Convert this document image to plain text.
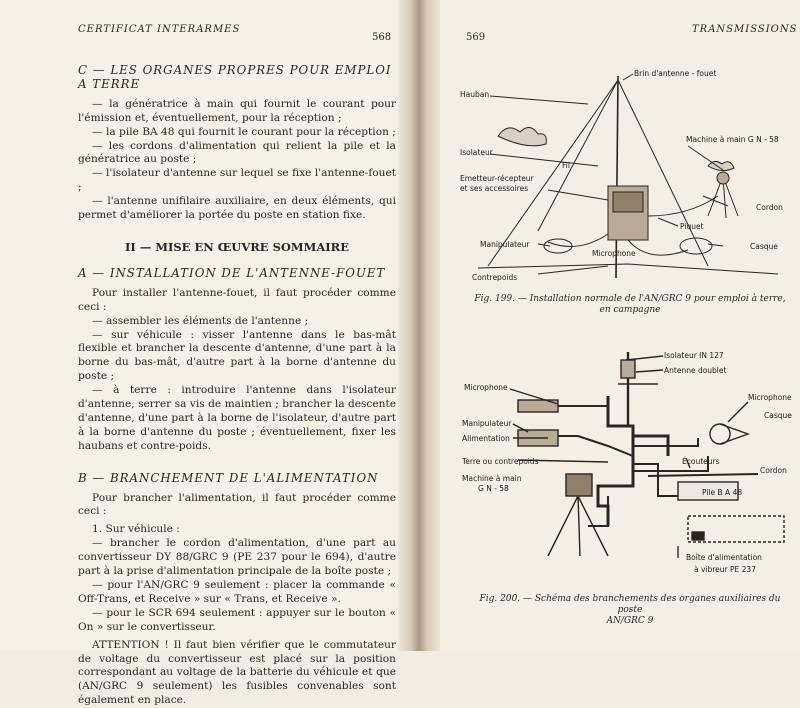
CERTIFICAT INTERARMES
568
C — LES ORGANES PROPRES POUR EMPLOI A TERRE

— la génératrice à main qui fournit le courant pour l'émission et, éventuellement, pour la réception ;

— la pile BA 48 qui fournit le courant pour la réception ;

— les cordons d'alimentation qui relient la pile et la génératrice au poste ;

— l'isolateur d'antenne sur lequel se fixe l'antenne-fouet ;

— l'antenne unifilaire auxiliaire, en deux éléments, qui permet d'améliorer la portée du poste en station fixe.

II — MISE EN ŒUVRE SOMMAIRE
A — INSTALLATION DE L'ANTENNE-FOUET

Pour installer l'antenne-fouet, il faut procéder comme ceci :

— assembler les éléments de l'antenne ;

— sur véhicule : visser l'antenne dans le bas-mât flexible et brancher la descente d'antenne, d'une part à la borne du bas-mât, d'autre part à la borne d'antenne du poste ;

— à terre : introduire l'antenne dans l'isolateur d'antenne, serrer sa vis de maintien ; brancher la descente d'antenne, d'une part à la borne de l'isolateur, d'autre part à la borne d'antenne du poste ; éventuellement, fixer les haubans et contre-poids.

B — BRANCHEMENT DE L'ALIMENTATION

Pour brancher l'alimentation, il faut procéder comme ceci :

1. Sur véhicule :

— brancher le cordon d'alimentation, d'une part au convertisseur DY 88/GRC 9 (PE 237 pour le 694), d'autre part à la prise d'alimentation principale de la boîte poste ;

— pour l'AN/GRC 9 seulement : placer la commande « Off-Trans, et Receive » sur « Trans, et Receive ».

— pour le SCR 694 seulement : appuyer sur le bouton « On » sur le convertisseur.

ATTENTION ! Il faut bien vérifier que le commutateur de voltage du convertisseur est placé sur la position correspondant au voltage de la batterie du véhicule et que (AN/GRC 9 seulement) les fusibles convenables sont également en place.

569
TRANSMISSIONS
Brin d'antenne - fouet
Hauban
Isolateur
Machine à main G N - 58
Fil
Emetteur-récepteur
et ses accessoires
Cordon
Piquet
Manipulateur	Casque
Microphone
Contrepoids
Fig. 199. — Installation normale de l'AN/GRC 9 pour emploi à terre,
en campagne
Isolateur IN 127
Antenne doublet
Microphone
Microphone
Casque
Manipulateur
Alimentation
Écouteurs
Terre ou contrepoids
Cordon
Machine à main
G N - 58	Pile B A 48
Boîte d'alimentation
à vibreur PE 237
Fig. 200. — Schéma des branchements des organes auxiliaires du poste
AN/GRC 9
